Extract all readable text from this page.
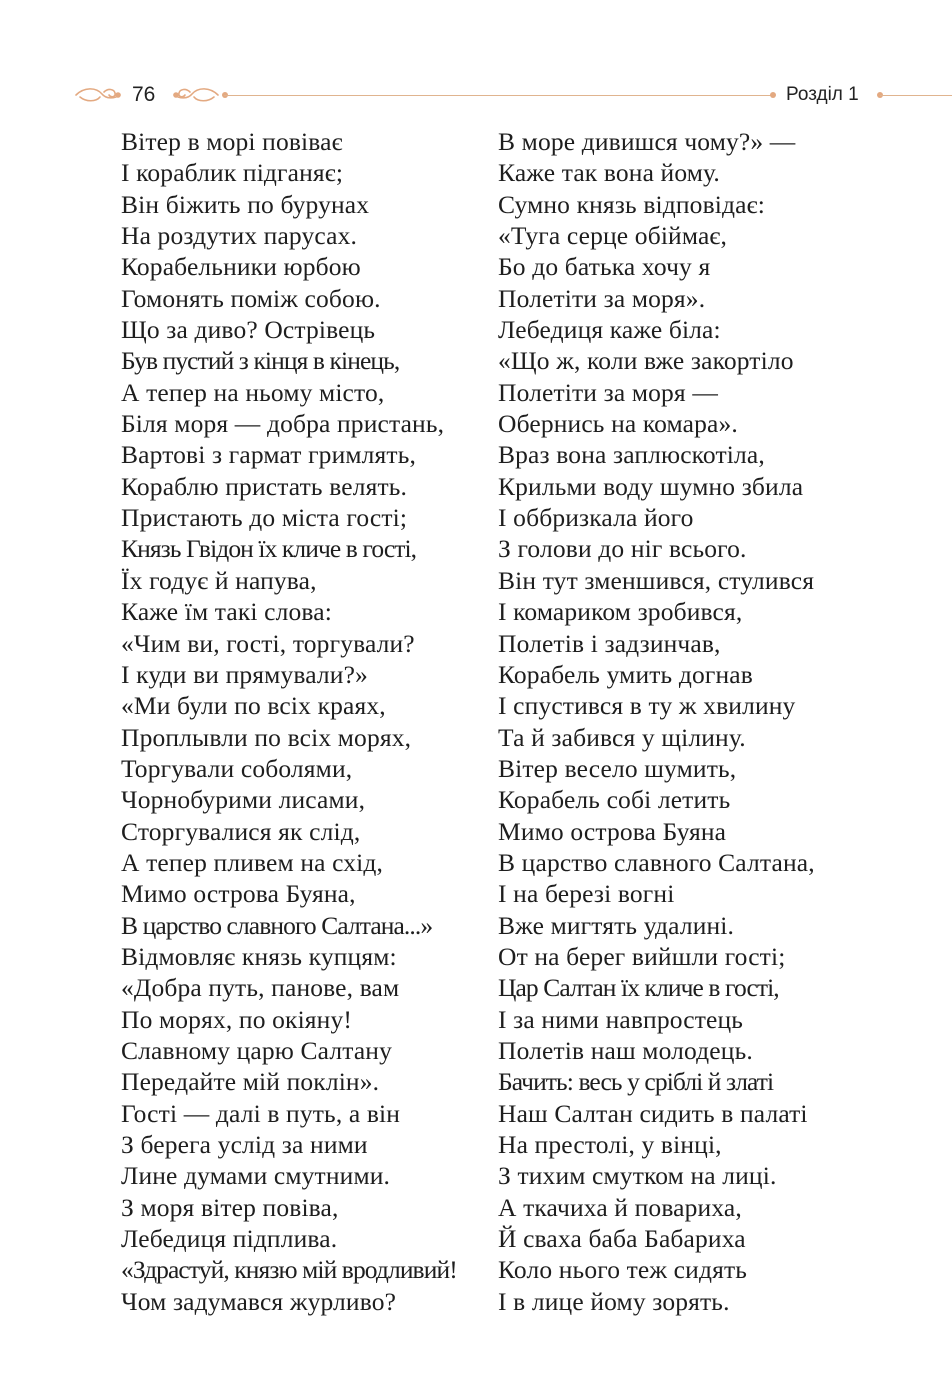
76	Розділ 1
Вітер в морі повіває
І кораблик підганяє;
Він біжить по бурунах
На роздутих парусах.
Корабельники юрбою
Гомонять поміж собою.
Що за диво? Острівець
Був пустий з кінця в кінець,
А тепер на ньому місто,
Біля моря — добра пристань,
Вартові з гармат гримлять,
Кораблю пристать велять.
Пристають до міста гості;
Князь Гвідон їх кличе в гості,
Їх годує й напува,
Каже їм такі слова:
«Чим ви, гості, торгували?
І куди ви прямували?»
«Ми були по всіх краях,
Проплывли по всіх морях,
Торгували соболями,
Чорнобурими лисами,
Сторгувалися як слід,
А тепер пливем на схід,
Мимо острова Буяна,
В царство славного Салтана...»
Відмовляє князь купцям:
«Добра путь, панове, вам
По морях, по окіяну!
Славному царю Салтану
Передайте мій поклін».
Гості — далі в путь, а він
З берега услід за ними
Лине думами смутними.
З моря вітер повіва,
Лебедиця підплива.
«Здрастуй, князю мій вродливий!
Чом задумався журливо?
В море дивишся чому?» —
Каже так вона йому.
Сумно князь відповідає:
«Туга серце обіймає,
Бо до батька хочу я
Полетіти за моря».
Лебедиця каже біла:
«Що ж, коли вже закортіло
Полетіти за моря —
Обернись на комара».
Враз вона заплюскотіла,
Крильми воду шумно збила
І оббризкала його
З голови до ніг всього.
Він тут зменшився, стулився
І комариком зробився,
Полетів і задзинчав,
Корабель умить догнав
І спустився в ту ж хвилину
Та й забився у щілину.
Вітер весело шумить,
Корабель собі летить
Мимо острова Буяна
В царство славного Салтана,
І на березі вогні
Вже мигтять удалині.
От на берег вийшли гості;
Цар Салтан їх кличе в гості,
І за ними навпростець
Полетів наш молодець.
Бачить: весь у сріблі й златі
Наш Салтан сидить в палаті
На престолі, у вінці,
З тихим смутком на лиці.
А ткачиха й повариха,
Й сваха баба Бабариха
Коло нього теж сидять
І в лице йому зорять.
